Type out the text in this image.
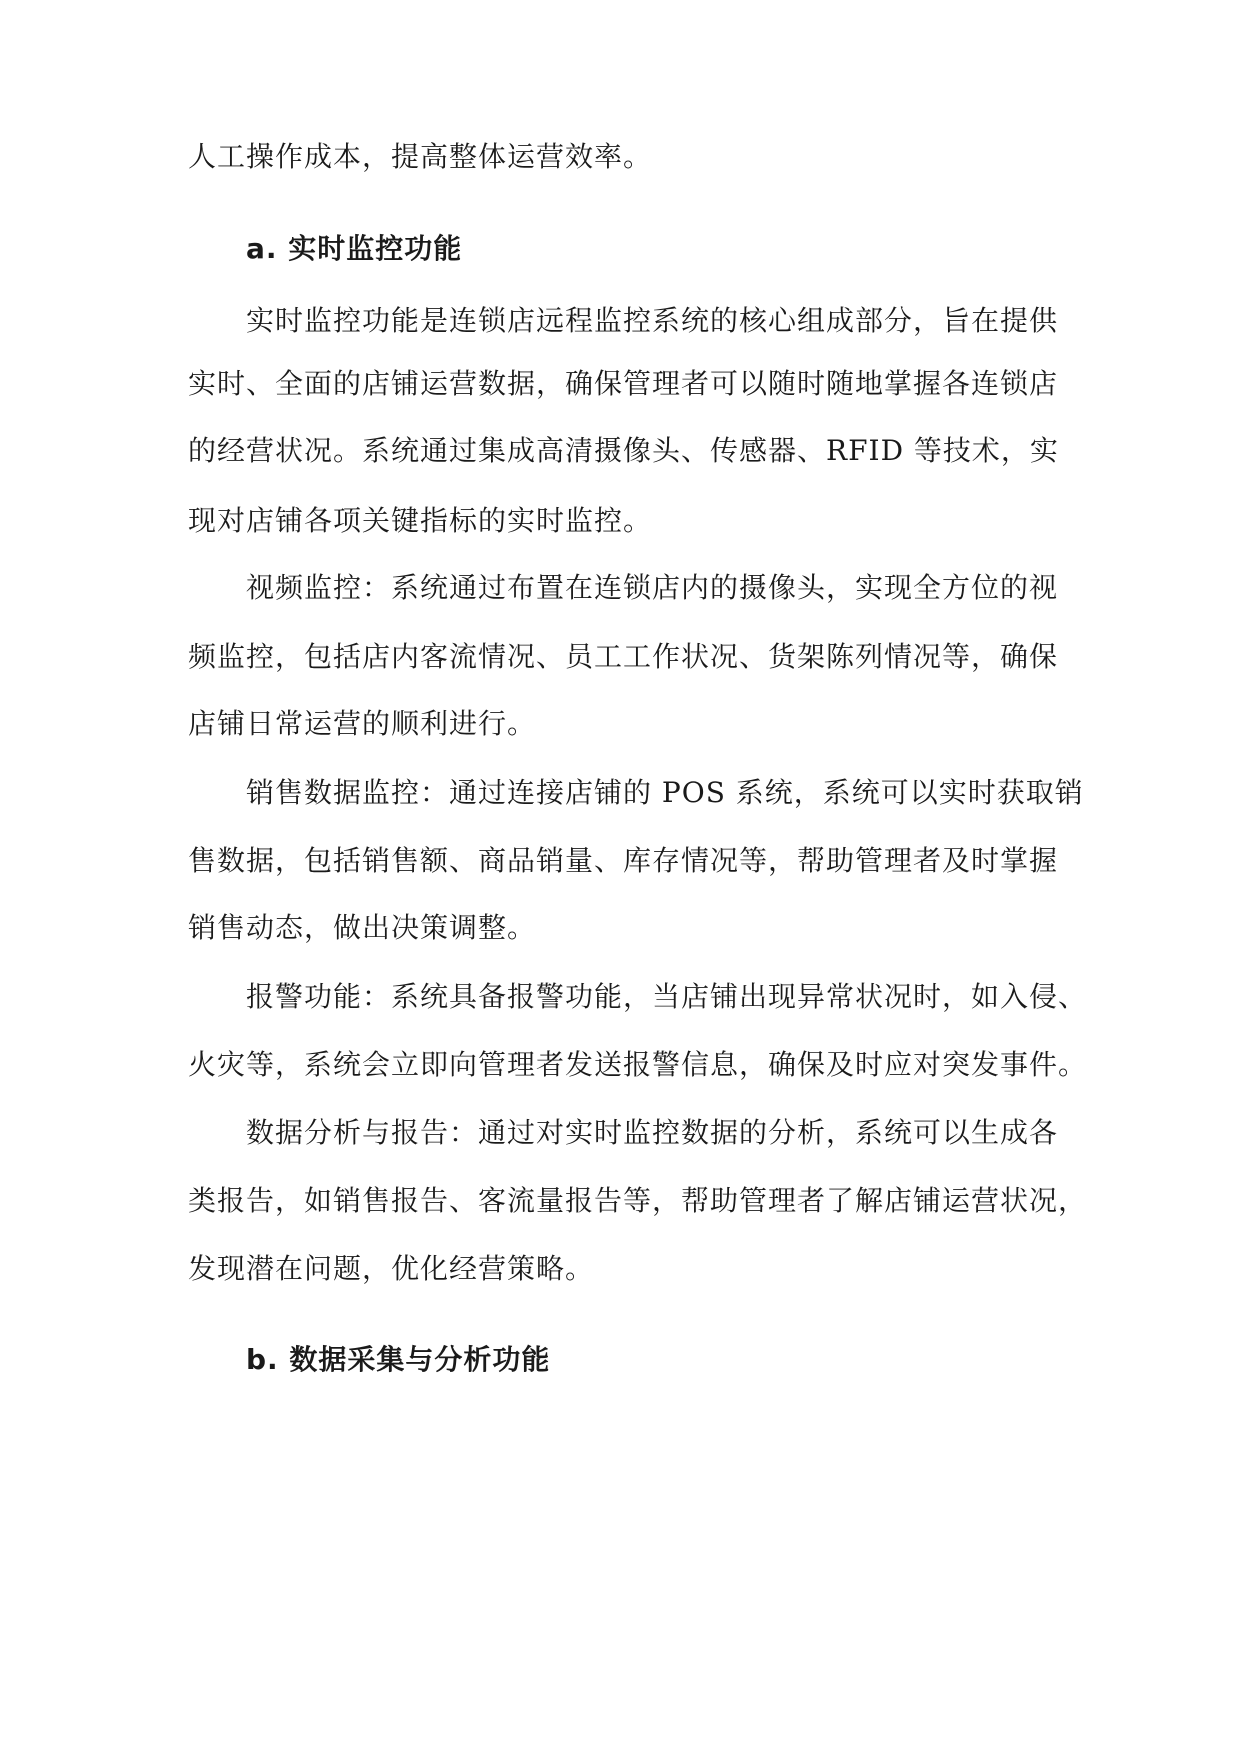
人工操作成本，提高整体运营效率。
a. 实时监控功能
实时监控功能是连锁店远程监控系统的核心组成部分，旨在提供
实时、全面的店铺运营数据，确保管理者可以随时随地掌握各连锁店
的经营状况。系统通过集成高清摄像头、传感器、RFID 等技术，实
现对店铺各项关键指标的实时监控。
视频监控：系统通过布置在连锁店内的摄像头，实现全方位的视
频监控，包括店内客流情况、员工工作状况、货架陈列情况等，确保
店铺日常运营的顺利进行。
销售数据监控：通过连接店铺的 POS 系统，系统可以实时获取销
售数据，包括销售额、商品销量、库存情况等，帮助管理者及时掌握
销售动态，做出决策调整。
报警功能：系统具备报警功能，当店铺出现异常状况时，如入侵、
火灾等，系统会立即向管理者发送报警信息，确保及时应对突发事件。
数据分析与报告：通过对实时监控数据的分析，系统可以生成各
类报告，如销售报告、客流量报告等，帮助管理者了解店铺运营状况，
发现潜在问题，优化经营策略。
b. 数据采集与分析功能
